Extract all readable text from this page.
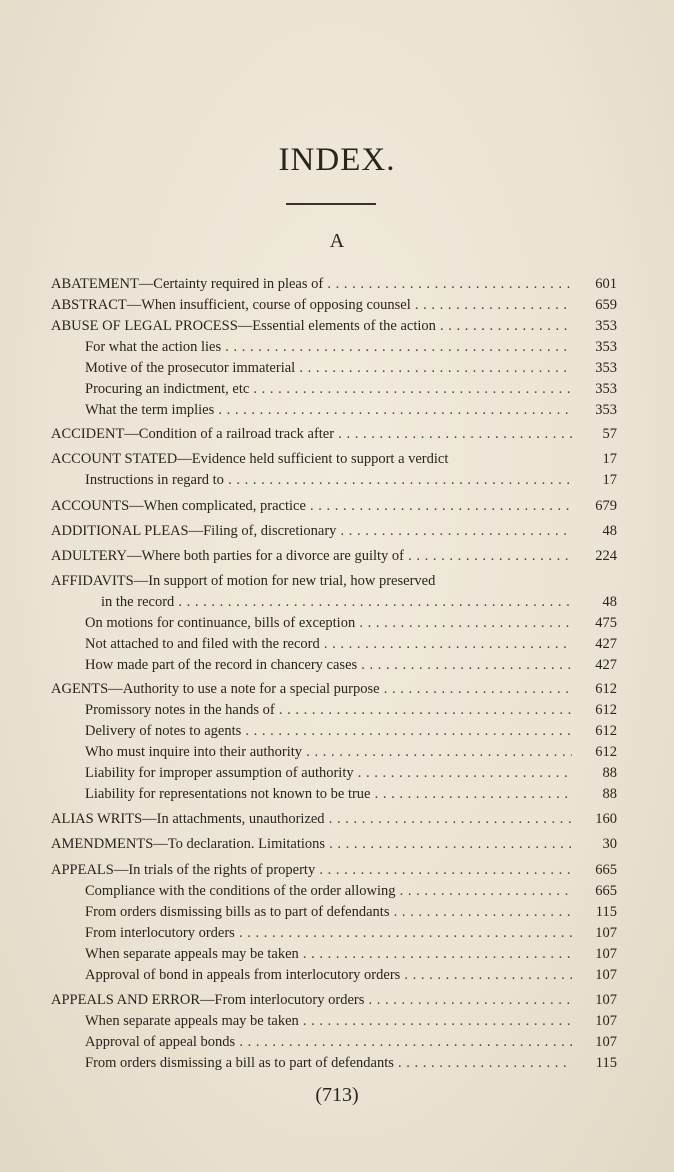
INDEX.
A
ABATEMENT—Certainty required in pleas of . . .	601
ABSTRACT—When insufficient, course of opposing counsel . . .	659
ABUSE OF LEGAL PROCESS—Essential elements of the action . . .	353
For what the action lies . . .	353
Motive of the prosecutor immaterial . . .	353
Procuring an indictment, etc . . .	353
What the term implies . . .	353
ACCIDENT—Condition of a railroad track after . . .	57
ACCOUNT STATED—Evidence held sufficient to support a verdict	17
Instructions in regard to . . .	17
ACCOUNTS—When complicated, practice . . .	679
ADDITIONAL PLEAS—Filing of, discretionary . . .	48
ADULTERY—Where both parties for a divorce are guilty of . . .	224
AFFIDAVITS—In support of motion for new trial, how preserved
in the record . . .	48
On motions for continuance, bills of exception . . .	475
Not attached to and filed with the record . . .	427
How made part of the record in chancery cases . . .	427
AGENTS—Authority to use a note for a special purpose . . .	612
Promissory notes in the hands of . . .	612
Delivery of notes to agents . . .	612
Who must inquire into their authority . . .	612
Liability for improper assumption of authority . . .	88
Liability for representations not known to be true . . .	88
ALIAS WRITS—In attachments, unauthorized . . .	160
AMENDMENTS—To declaration. Limitations . . .	30
APPEALS—In trials of the rights of property . . .	665
Compliance with the conditions of the order allowing . . .	665
From orders dismissing bills as to part of defendants . . .	115
From interlocutory orders . . .	107
When separate appeals may be taken . . .	107
Approval of bond in appeals from interlocutory orders . . .	107
APPEALS AND ERROR—From interlocutory orders . . .	107
When separate appeals may be taken . . .	107
Approval of appeal bonds . . .	107
From orders dismissing a bill as to part of defendants . . .	115
(713)
